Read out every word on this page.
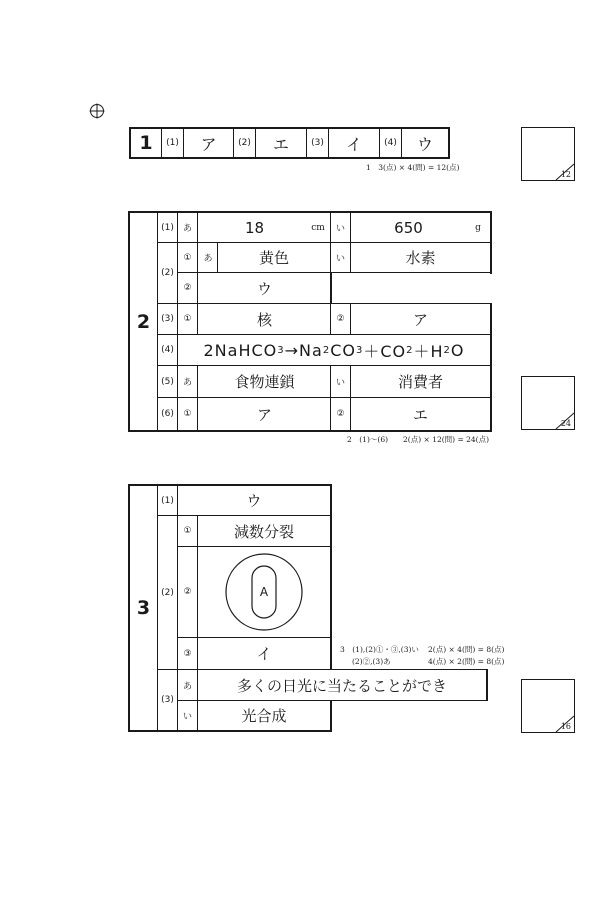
1	(1)	ア	(2)	エ	(3)	イ	(4)	ウ
1　3(点) × 4(問) = 12(点)
12
2
(1)	あ	18	cm	い	650	g
(2)
①	あ	黄色	い	水素
②	ウ
(3)	①	核	②	ア
(4) 2NaHCO 3 →Na 2 CO 3 ＋CO 2 ＋H 2 O
(5)	あ	食物連鎖	い	消費者
(6)	①	ア	②	エ
2　(1)〜(6)　　2(点) × 12(問) = 24(点)
24
3
(1)	ウ
(2)
①	減数分裂
②	A
③	イ
(3)
あ	多くの日光に当たることができ
い	光合成
3　(1),(2)①・③,(3)い 2(点) × 4(問) = 8(点)
(2)②,(3)あ	4(点) × 2(問) = 8(点)
16
